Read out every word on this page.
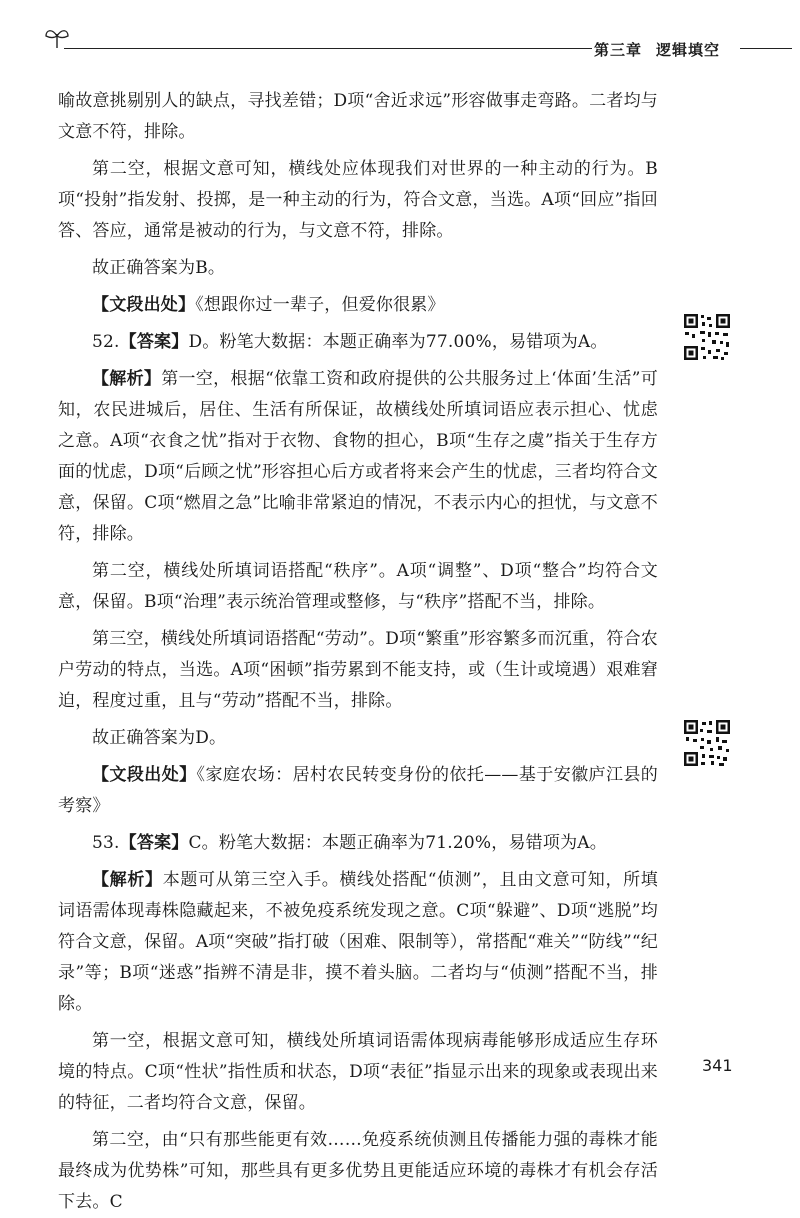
第三章 逻辑填空

喻故意挑剔别人的缺点，寻找差错；D项“舍近求远”形容做事走弯路。二者均与文意不符，排除。

第二空，根据文意可知，横线处应体现我们对世界的一种主动的行为。B项“投射”指发射、投掷，是一种主动的行为，符合文意，当选。A项“回应”指回答、答应，通常是被动的行为，与文意不符，排除。

故正确答案为B。

【文段出处】《想跟你过一辈子，但爱你很累》

52.【答案】D。粉笔大数据：本题正确率为77.00%，易错项为A。

【解析】第一空，根据“依靠工资和政府提供的公共服务过上‘体面’生活”可知，农民进城后，居住、生活有所保证，故横线处所填词语应表示担心、忧虑之意。A项“衣食之忧”指对于衣物、食物的担心，B项“生存之虞”指关于生存方面的忧虑，D项“后顾之忧”形容担心后方或者将来会产生的忧虑，三者均符合文意，保留。C项“燃眉之急”比喻非常紧迫的情况，不表示内心的担忧，与文意不符，排除。

第二空，横线处所填词语搭配“秩序”。A项“调整”、D项“整合”均符合文意，保留。B项“治理”表示统治管理或整修，与“秩序”搭配不当，排除。

第三空，横线处所填词语搭配“劳动”。D项“繁重”形容繁多而沉重，符合农户劳动的特点，当选。A项“困顿”指劳累到不能支持，或（生计或境遇）艰难窘迫，程度过重，且与“劳动”搭配不当，排除。

故正确答案为D。

【文段出处】《家庭农场：居村农民转变身份的依托——基于安徽庐江县的考察》

53.【答案】C。粉笔大数据：本题正确率为71.20%，易错项为A。

【解析】本题可从第三空入手。横线处搭配“侦测”，且由文意可知，所填词语需体现毒株隐藏起来，不被免疫系统发现之意。C项“躲避”、D项“逃脱”均符合文意，保留。A项“突破”指打破（困难、限制等），常搭配“难关”“防线”“纪录”等；B项“迷惑”指辨不清是非，摸不着头脑。二者均与“侦测”搭配不当，排除。

第一空，根据文意可知，横线处所填词语需体现病毒能够形成适应生存环境的特点。C项“性状”指性质和状态，D项“表征”指显示出来的现象或表现出来的特征，二者均符合文意，保留。

第二空，由“只有那些能更有效……免疫系统侦测且传播能力强的毒株才能最终成为优势株”可知，那些具有更多优势且更能适应环境的毒株才有机会存活下去。C

341
